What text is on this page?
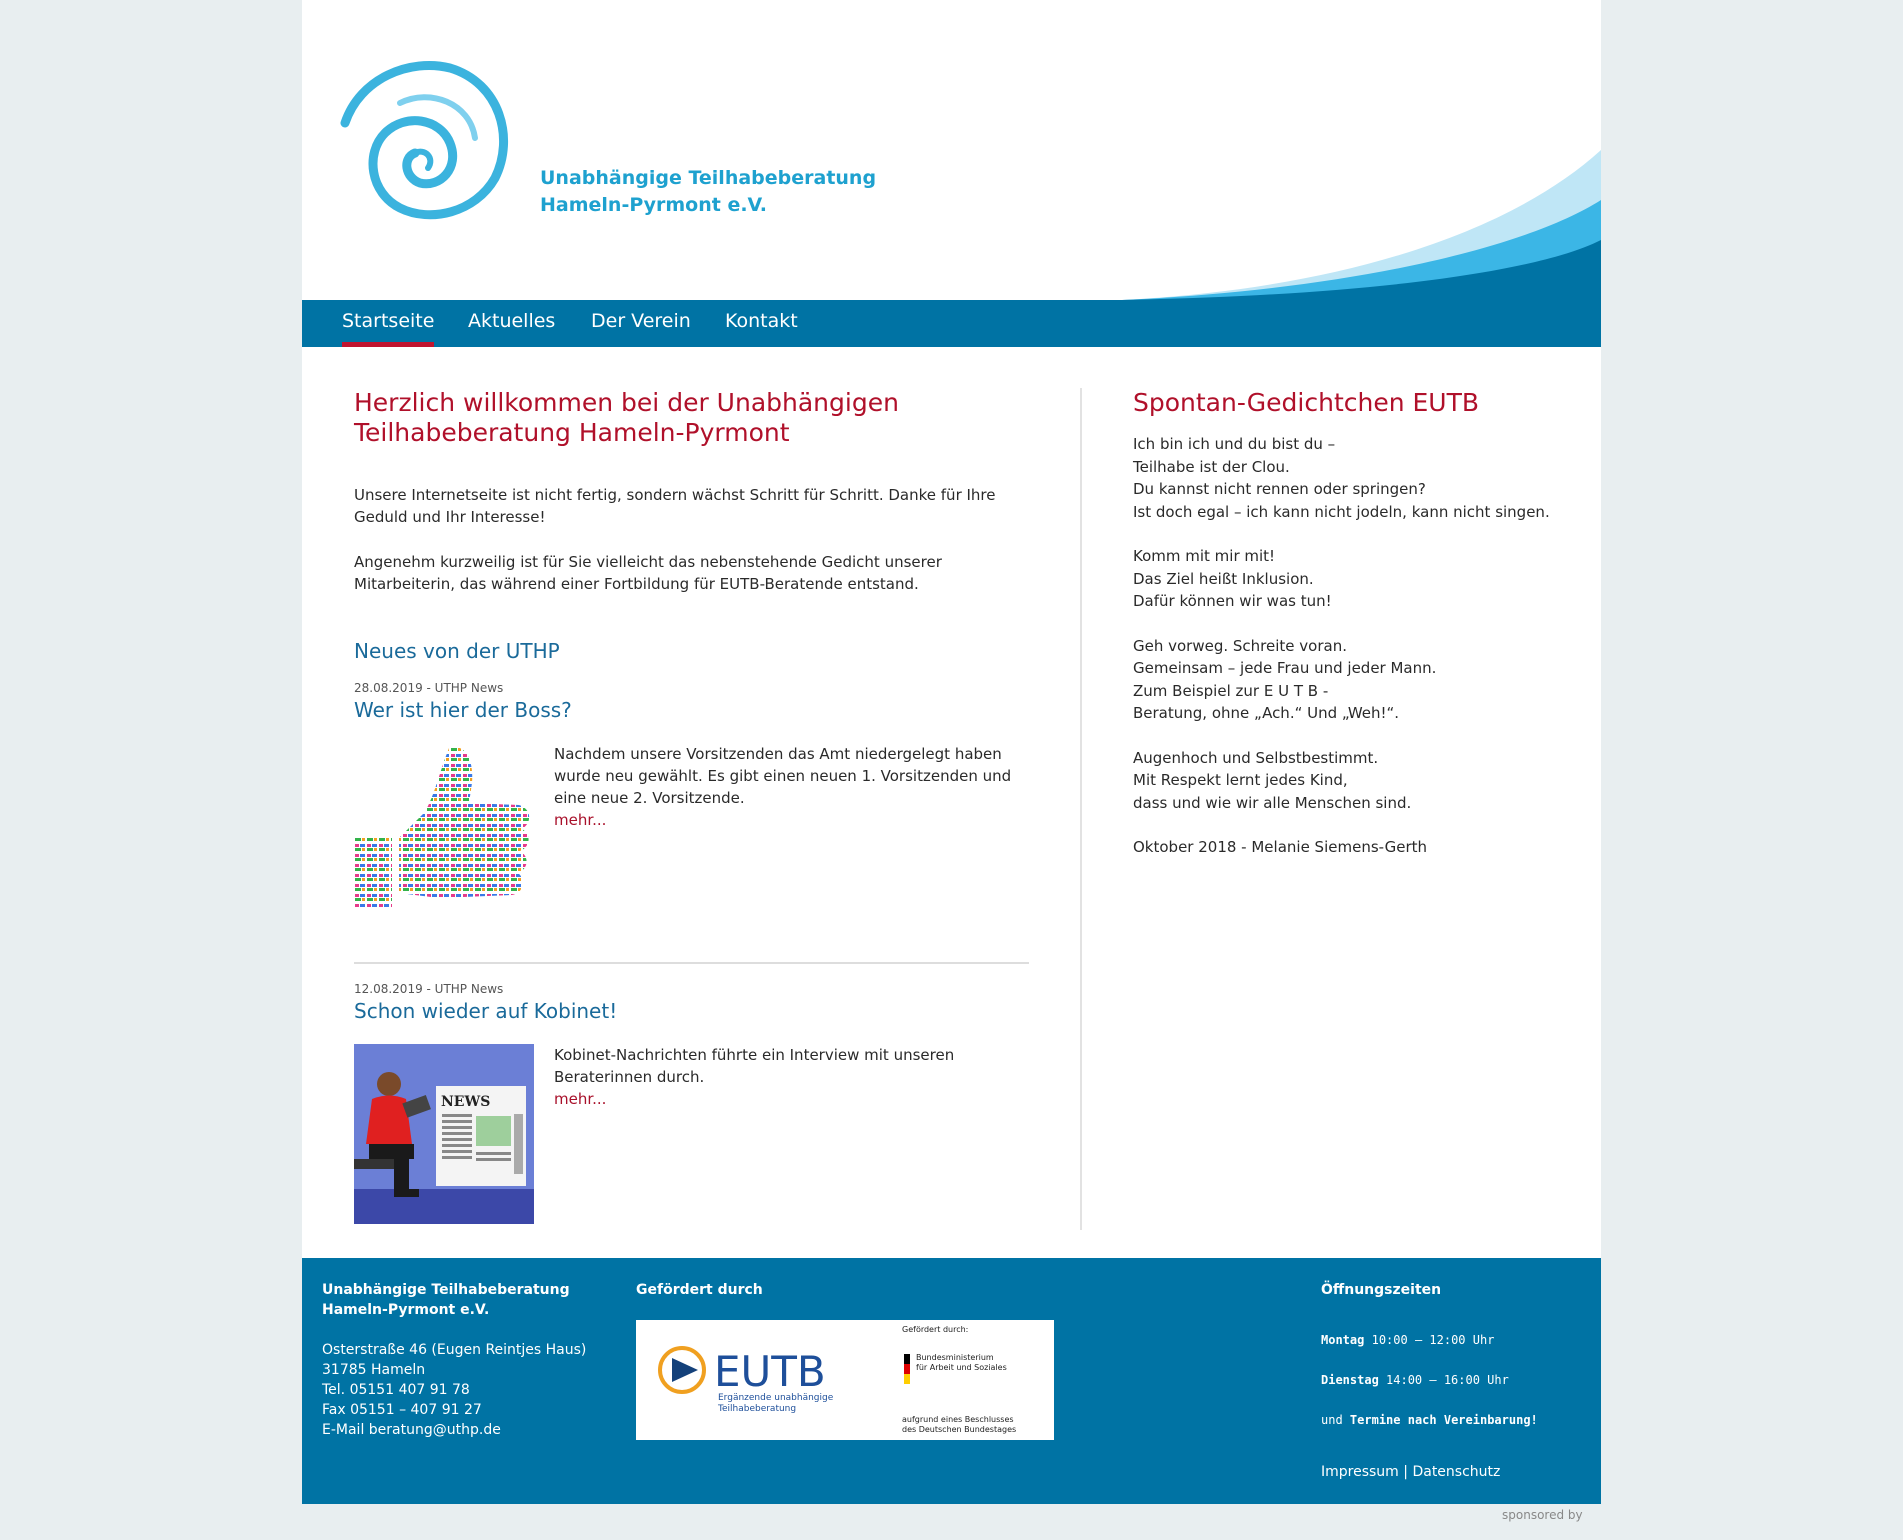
Unabhängige Teilhabeberatung
Hameln-Pyrmont e.V.
Startseite Aktuelles Der Verein Kontakt
Herzlich willkommen bei der Unabhängigen Teilhabeberatung Hameln-Pyrmont

Unsere Internetseite ist nicht fertig, sondern wächst Schritt für Schritt. Danke für Ihre Geduld und Ihr Interesse!

Angenehm kurzweilig ist für Sie vielleicht das nebenstehende Gedicht unserer Mitarbeiterin, das während einer Fortbildung für EUTB-Beratende entstand.

Neues von der UTHP
28.08.2019 - UTHP News
Wer ist hier der Boss?
Nachdem unsere Vorsitzenden das Amt niedergelegt haben wurde neu gewählt. Es gibt einen neuen 1. Vorsitzenden und eine neue 2. Vorsitzende.
mehr...
12.08.2019 - UTHP News
Schon wieder auf Kobinet!
NEWS
Kobinet-Nachrichten führte ein Interview mit unseren Beraterinnen durch.
mehr...
Spontan-Gedichtchen EUTB
Ich bin ich und du bist du –
Teilhabe ist der Clou.
Du kannst nicht rennen oder springen?
Ist doch egal – ich kann nicht jodeln, kann nicht singen.
Komm mit mir mit!
Das Ziel heißt Inklusion.
Dafür können wir was tun!
Geh vorweg. Schreite voran.
Gemeinsam – jede Frau und jeder Mann.
Zum Beispiel zur E U T B -
Beratung, ohne „Ach.“ Und „Weh!“.
Augenhoch und Selbstbestimmt.
Mit Respekt lernt jedes Kind,
dass und wie wir alle Menschen sind.
Oktober 2018 - Melanie Siemens-Gerth
Unabhängige Teilhabeberatung
Hameln-Pyrmont e.V.
Osterstraße 46 (Eugen Reintjes Haus)
31785 Hameln
Tel. 05151 407 91 78
Fax 05151 – 407 91 27
E-Mail beratung@uthp.de
Gefördert durch
EUTB
Ergänzende unabhängige
Teilhabeberatung
Gefördert durch:
Bundesministerium
für Arbeit und Soziales
aufgrund eines Beschlusses
des Deutschen Bundestages
Öffnungszeiten
Montag 10:00 – 12:00 Uhr
Dienstag 14:00 – 16:00 Uhr
und Termine nach Vereinbarung!
Impressum | Datenschutz
sponsored by
